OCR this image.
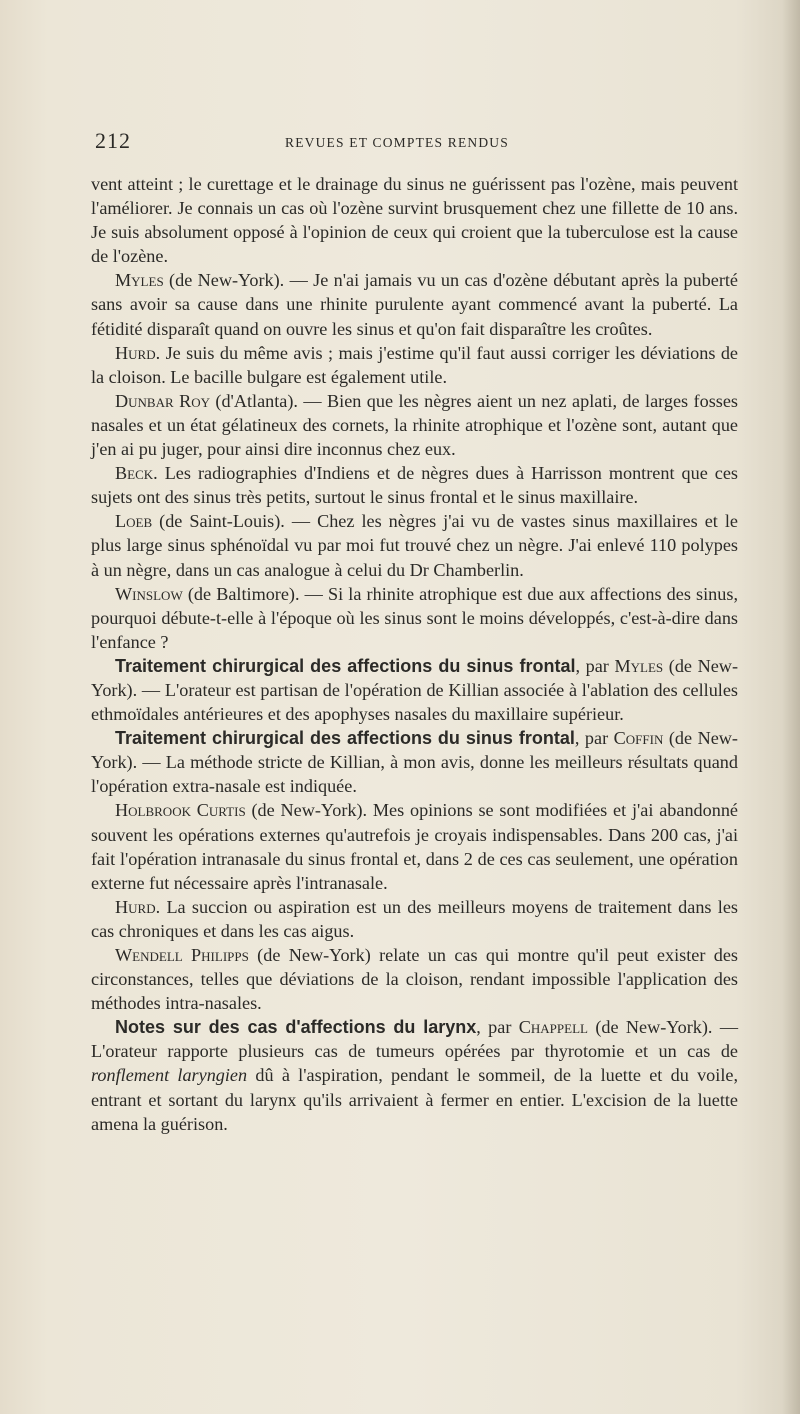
212	REVUES ET COMPTES RENDUS

vent atteint ; le curettage et le drainage du sinus ne guérissent pas l'ozène, mais peuvent l'améliorer. Je connais un cas où l'ozène survint brusquement chez une fillette de 10 ans. Je suis absolument opposé à l'opinion de ceux qui croient que la tuberculose est la cause de l'ozène.

Myles (de New-York). — Je n'ai jamais vu un cas d'ozène débutant après la puberté sans avoir sa cause dans une rhinite purulente ayant commencé avant la puberté. La fétidité disparaît quand on ouvre les sinus et qu'on fait disparaître les croûtes.

Hurd. Je suis du même avis ; mais j'estime qu'il faut aussi corriger les déviations de la cloison. Le bacille bulgare est également utile.

Dunbar Roy (d'Atlanta). — Bien que les nègres aient un nez aplati, de larges fosses nasales et un état gélatineux des cornets, la rhinite atrophique et l'ozène sont, autant que j'en ai pu juger, pour ainsi dire inconnus chez eux.

Beck. Les radiographies d'Indiens et de nègres dues à Harrisson montrent que ces sujets ont des sinus très petits, surtout le sinus frontal et le sinus maxillaire.

Loeb (de Saint-Louis). — Chez les nègres j'ai vu de vastes sinus maxillaires et le plus large sinus sphénoïdal vu par moi fut trouvé chez un nègre. J'ai enlevé 110 polypes à un nègre, dans un cas analogue à celui du Dr Chamberlin.

Winslow (de Baltimore). — Si la rhinite atrophique est due aux affections des sinus, pourquoi débute-t-elle à l'époque où les sinus sont le moins développés, c'est-à-dire dans l'enfance ?

Traitement chirurgical des affections du sinus frontal, par Myles (de New-York). — L'orateur est partisan de l'opération de Killian associée à l'ablation des cellules ethmoïdales antérieures et des apophyses nasales du maxillaire supérieur.

Traitement chirurgical des affections du sinus frontal, par Coffin (de New-York). — La méthode stricte de Killian, à mon avis, donne les meilleurs résultats quand l'opération extra-nasale est indiquée.

Holbrook Curtis (de New-York). Mes opinions se sont modifiées et j'ai abandonné souvent les opérations externes qu'autrefois je croyais indispensables. Dans 200 cas, j'ai fait l'opération intranasale du sinus frontal et, dans 2 de ces cas seulement, une opération externe fut nécessaire après l'intranasale.

Hurd. La succion ou aspiration est un des meilleurs moyens de traitement dans les cas chroniques et dans les cas aigus.

Wendell Philipps (de New-York) relate un cas qui montre qu'il peut exister des circonstances, telles que déviations de la cloison, rendant impossible l'application des méthodes intra-nasales.

Notes sur des cas d'affections du larynx, par Chappell (de New-York). — L'orateur rapporte plusieurs cas de tumeurs opérées par thyrotomie et un cas de ronflement laryngien dû à l'aspiration, pendant le sommeil, de la luette et du voile, entrant et sortant du larynx qu'ils arrivaient à fermer en entier. L'excision de la luette amena la guérison.
